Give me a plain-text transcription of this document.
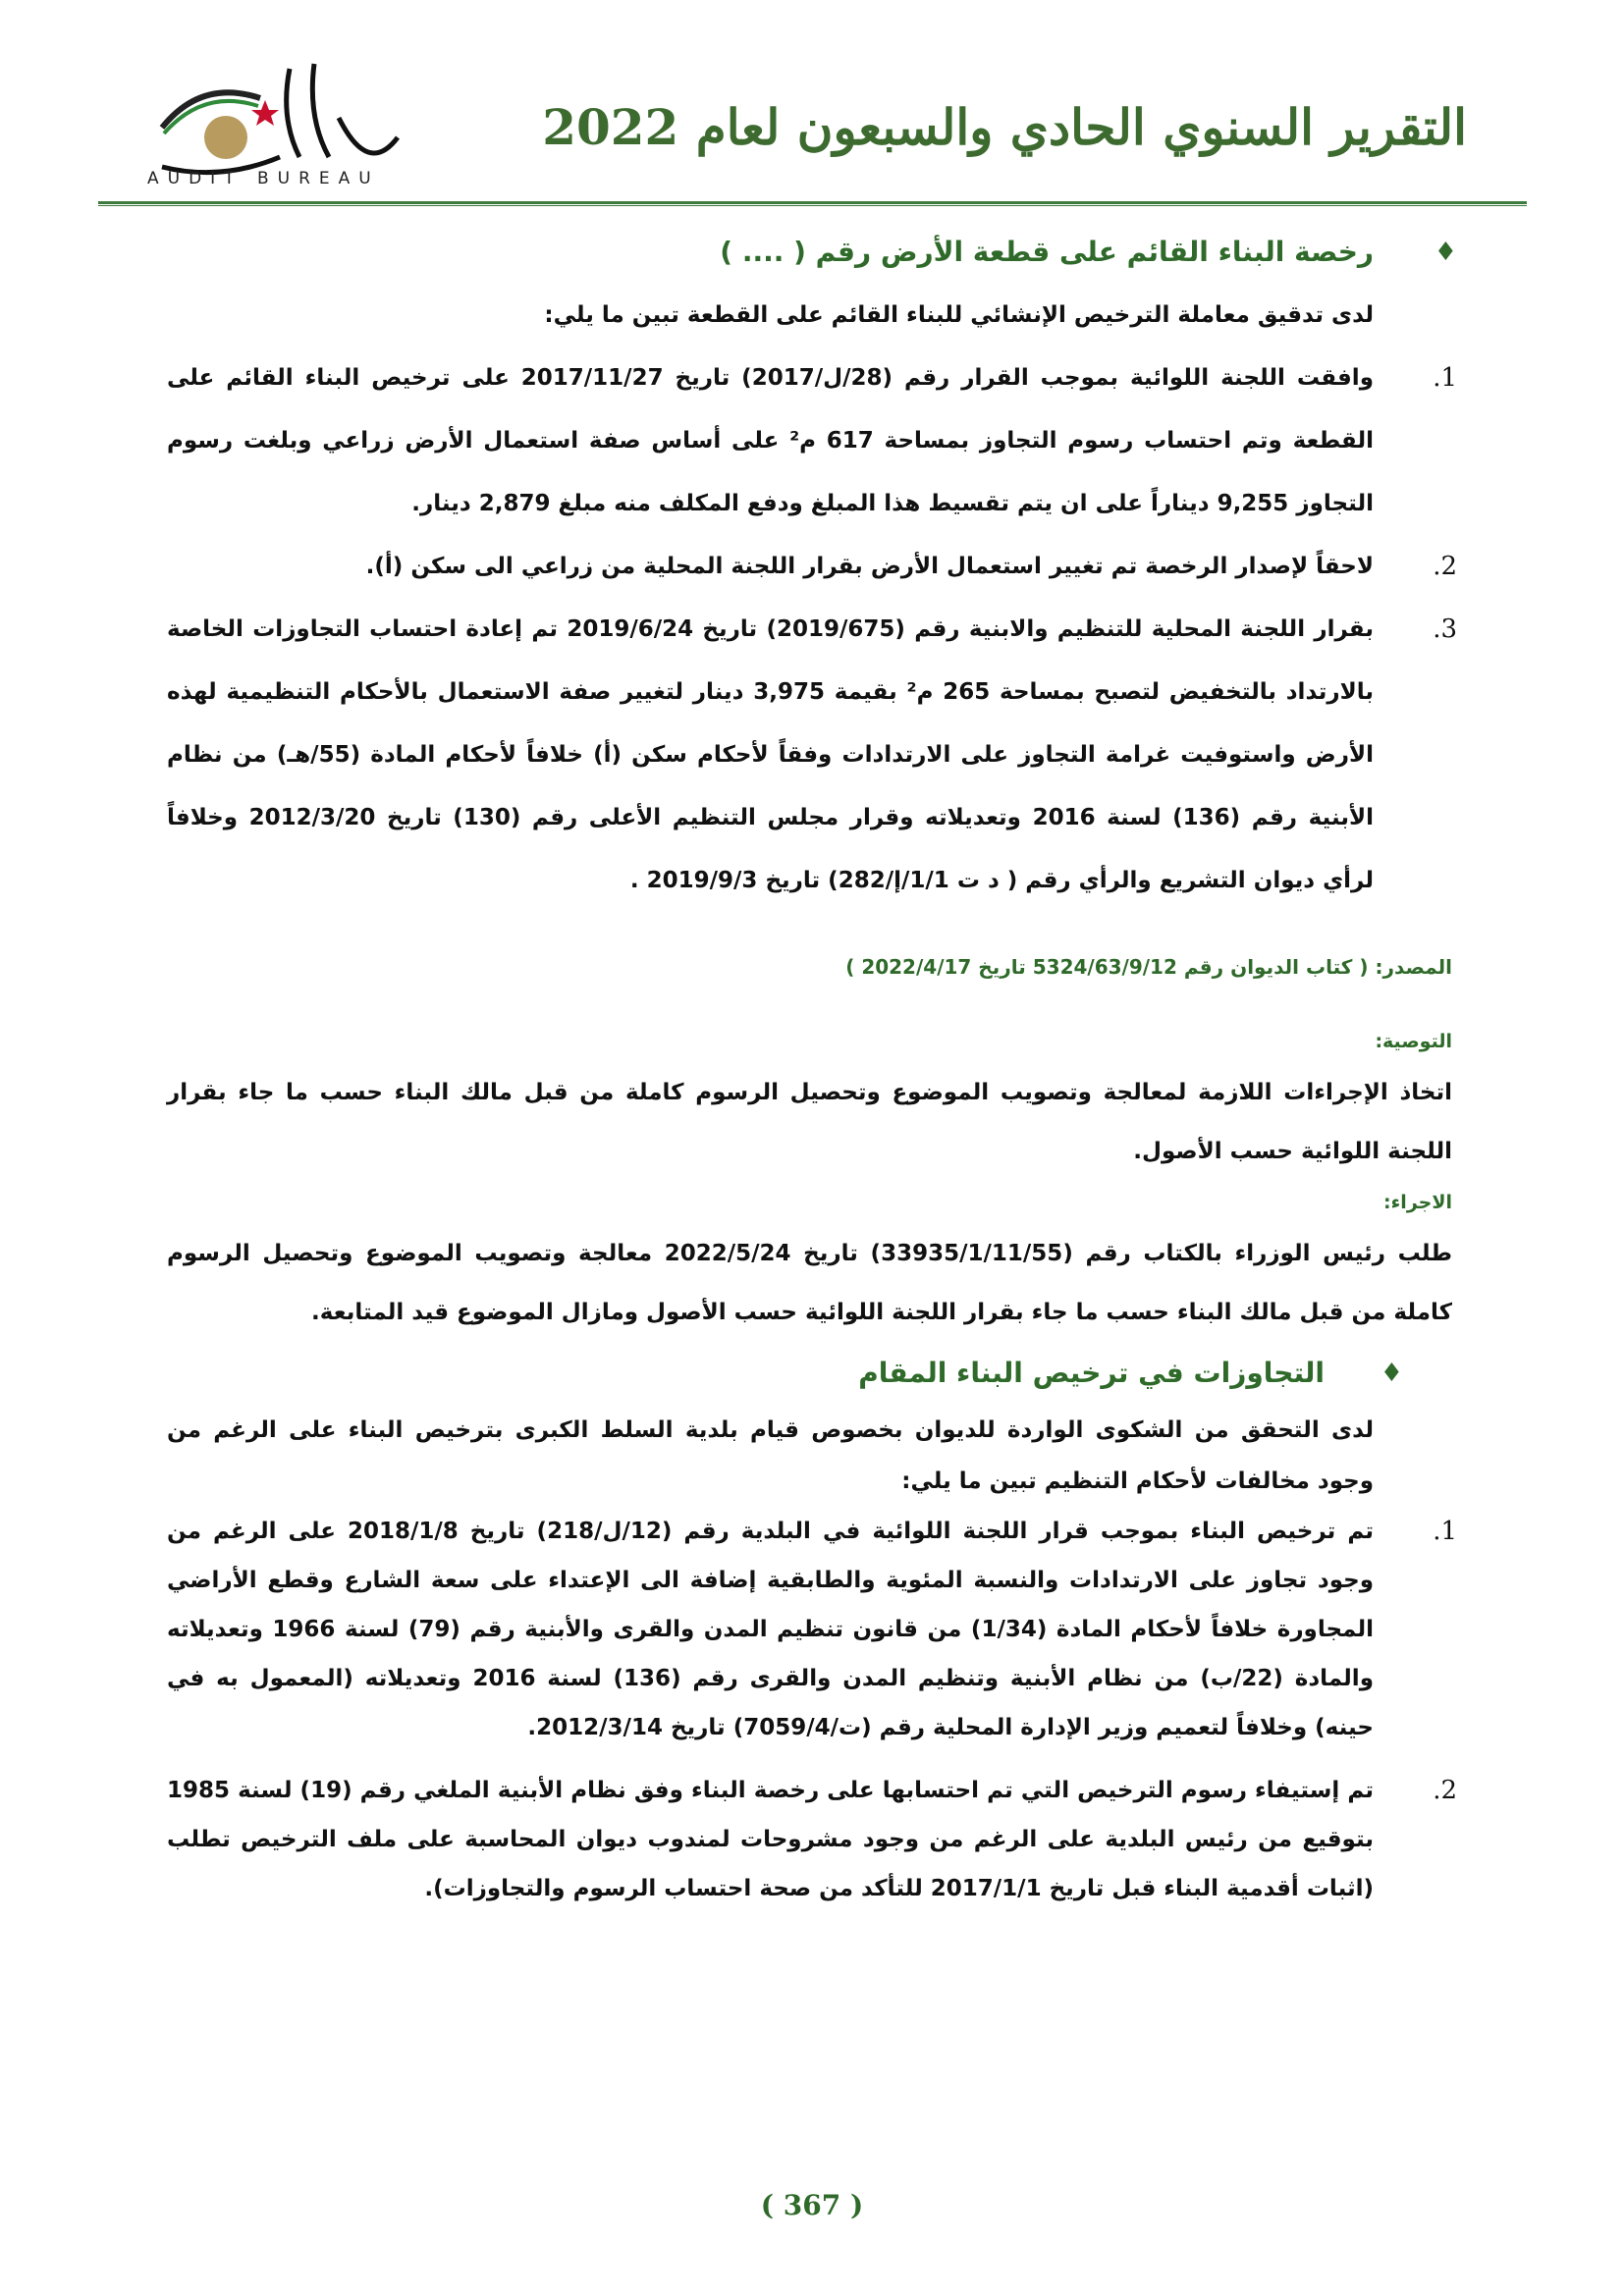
التقرير السنوي الحادي والسبعون لعام 2022
AUDIT BUREAU
♦
رخصة البناء القائم على قطعة الأرض رقم ( .... )

لدى تدقيق معاملة الترخيص الإنشائي للبناء القائم على القطعة تبين ما يلي:

1.
وافقت اللجنة اللوائية بموجب القرار رقم (28/ل/2017) تاريخ 2017/11/27 على ترخيص البناء القائم على القطعة وتم احتساب رسوم التجاوز بمساحة 617 م² على أساس صفة استعمال الأرض زراعي وبلغت رسوم التجاوز 9,255 ديناراً على ان يتم تقسيط هذا المبلغ ودفع المكلف منه مبلغ 2,879 دينار.
2.
لاحقاً لإصدار الرخصة تم تغيير استعمال الأرض بقرار اللجنة المحلية من زراعي الى سكن (أ).
3.
بقرار اللجنة المحلية للتنظيم والابنية رقم (2019/675) تاريخ 2019/6/24 تم إعادة احتساب التجاوزات الخاصة بالارتداد بالتخفيض لتصبح بمساحة 265 م² بقيمة 3,975 دينار لتغيير صفة الاستعمال بالأحكام التنظيمية لهذه الأرض واستوفيت غرامة التجاوز على الارتدادات وفقاً لأحكام سكن (أ) خلافاً لأحكام المادة (55/هـ) من نظام الأبنية رقم (136) لسنة 2016 وتعديلاته وقرار مجلس التنظيم الأعلى رقم (130) تاريخ 2012/3/20 وخلافاً لرأي ديوان التشريع والرأي رقم ( د ت 1/1/إ/282) تاريخ 2019/9/3 .

المصدر: ( كتاب الديوان رقم 5324/63/9/12 تاريخ 2022/4/17 )

التوصية:

اتخاذ الإجراءات اللازمة لمعالجة وتصويب الموضوع وتحصيل الرسوم كاملة من قبل مالك البناء حسب ما جاء بقرار اللجنة اللوائية حسب الأصول.

الاجراء:

طلب رئيس الوزراء بالكتاب رقم (33935/1/11/55) تاريخ 2022/5/24 معالجة وتصويب الموضوع وتحصيل الرسوم كاملة من قبل مالك البناء حسب ما جاء بقرار اللجنة اللوائية حسب الأصول ومازال الموضوع قيد المتابعة.

♦
التجاوزات في ترخيص البناء المقام

لدى التحقق من الشكوى الواردة للديوان بخصوص قيام بلدية السلط الكبرى بترخيص البناء على الرغم من وجود مخالفات لأحكام التنظيم تبين ما يلي:

1.
تم ترخيص البناء بموجب قرار اللجنة اللوائية في البلدية رقم (12/ل/218) تاريخ 2018/1/8 على الرغم من وجود تجاوز على الارتدادات والنسبة المئوية والطابقية إضافة الى الإعتداء على سعة الشارع وقطع الأراضي المجاورة خلافاً لأحكام المادة (1/34) من قانون تنظيم المدن والقرى والأبنية رقم (79) لسنة 1966 وتعديلاته والمادة (22/ب) من نظام الأبنية وتنظيم المدن والقرى رقم (136) لسنة 2016 وتعديلاته (المعمول به في حينه) وخلافاً لتعميم وزير الإدارة المحلية رقم (ت/7059/4) تاريخ 2012/3/14.
2.
تم إستيفاء رسوم الترخيص التي تم احتسابها على رخصة البناء وفق نظام الأبنية الملغي رقم (19) لسنة 1985 بتوقيع من رئيس البلدية على الرغم من وجود مشروحات لمندوب ديوان المحاسبة على ملف الترخيص تطلب (اثبات أقدمية البناء قبل تاريخ 2017/1/1 للتأكد من صحة احتساب الرسوم والتجاوزات).
( 367 )
